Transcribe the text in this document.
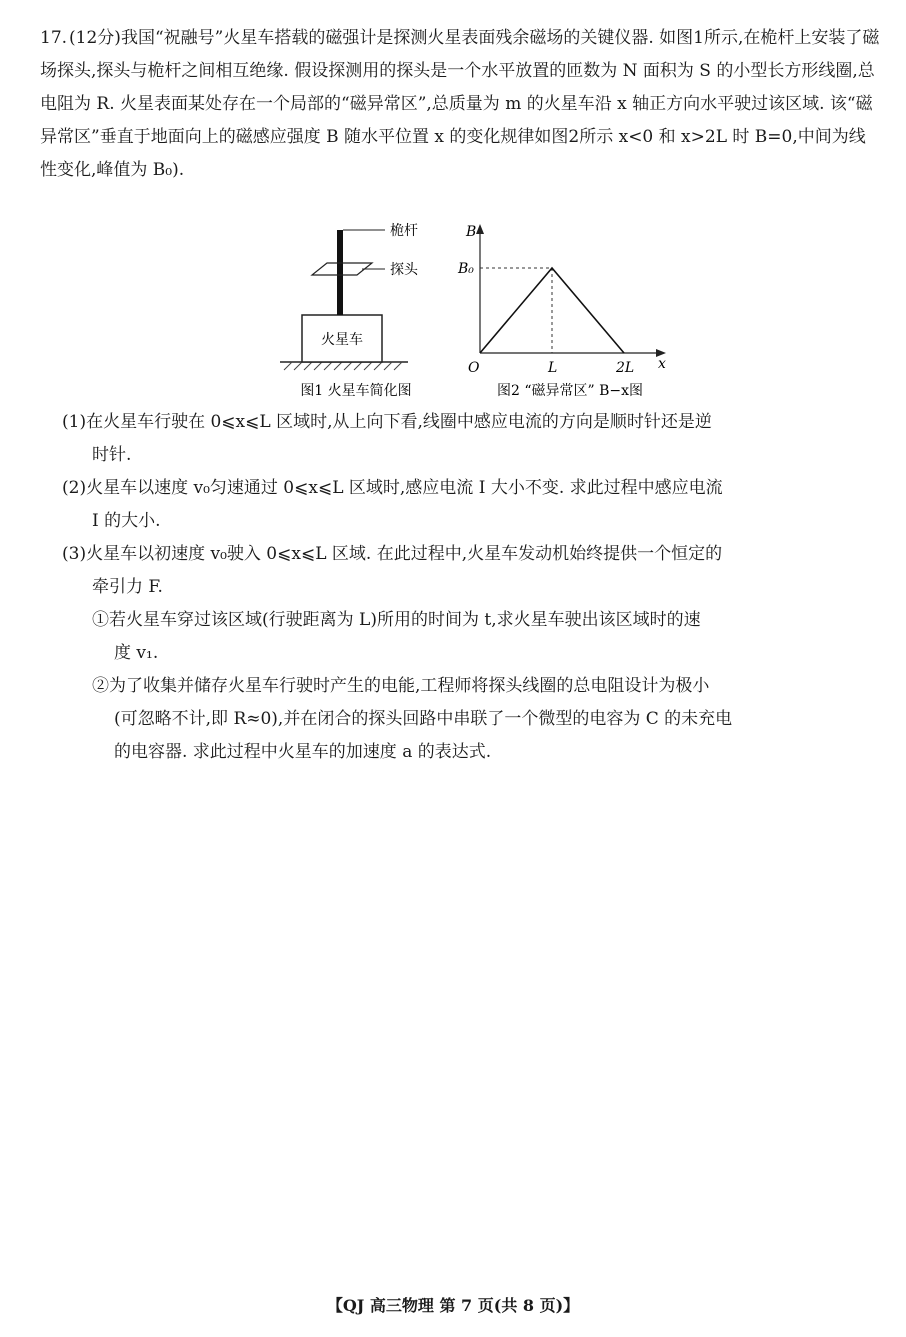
17. (12分)我国“祝融号”火星车搭载的磁强计是探测火星表面残余磁场的关键仪器. 如图1所示,在桅杆上安装了磁场探头,探头与桅杆之间相互绝缘. 假设探测用的探头是一个水平放置的匝数为 N 面积为 S 的小型长方形线圈,总电阻为 R. 火星表面某处存在一个局部的“磁异常区”,总质量为 m 的火星车沿 x 轴正方向水平驶过该区域. 该“磁异常区”垂直于地面向上的磁感应强度 B 随水平位置 x 的变化规律如图2所示 x<0 和 x>2L 时 B=0,中间为线性变化,峰值为 B₀).

火星车
桅杆
探头
图1 火星车简化图
B
B₀
O	L	2L x
图2 “磁异常区” B−x图

(1)在火星车行驶在 0⩽x⩽L 区域时,从上向下看,线圈中感应电流的方向是顺时针还是逆

时针.

(2)火星车以速度 v₀匀速通过 0⩽x⩽L 区域时,感应电流 I 大小不变. 求此过程中感应电流

I 的大小.

(3)火星车以初速度 v₀驶入 0⩽x⩽L 区域. 在此过程中,火星车发动机始终提供一个恒定的

牵引力 F.

①若火星车穿过该区域(行驶距离为 L)所用的时间为 t,求火星车驶出该区域时的速

度 v₁.

②为了收集并储存火星车行驶时产生的电能,工程师将探头线圈的总电阻设计为极小

(可忽略不计,即 R≈0),并在闭合的探头回路中串联了一个微型的电容为 C 的未充电

的电容器. 求此过程中火星车的加速度 a 的表达式.

【QJ 高三物理 第 7 页(共 8 页)】
